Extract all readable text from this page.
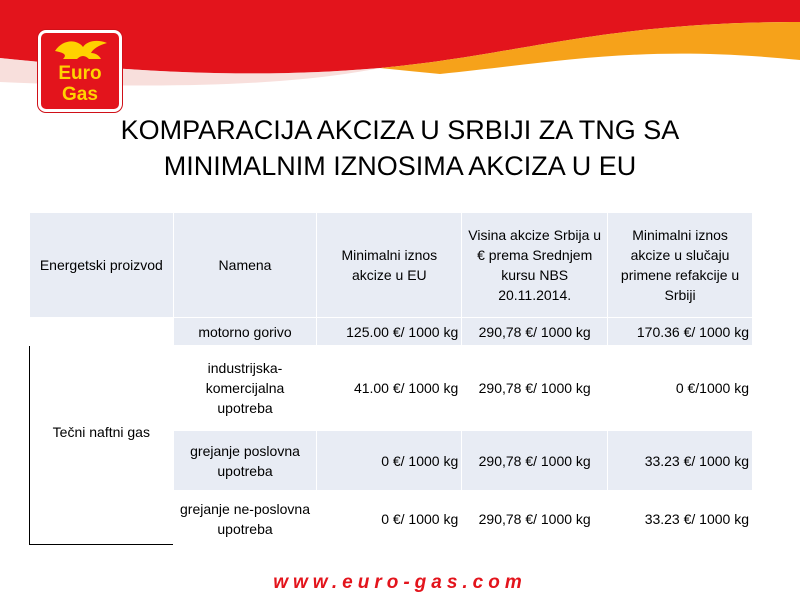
Euro
Gas
KOMPARACIJA AKCIZA U SRBIJI ZA TNG SA
MINIMALNIM IZNOSIMA AKCIZA U EU
Energetski proizvod	Namena	Minimalni iznos akcize u EU	Visina akcize Srbija u € prema Srednjem kursu NBS 20.11.2014.	Minimalni iznos akcize u slučaju primene refakcije u Srbiji
Tečni naftni gas	motorno gorivo	125.00 €/ 1000 kg	290,78 €/ 1000 kg	170.36 €/ 1000 kg
	industrijska-komercijalna upotreba	41.00 €/ 1000 kg	290,78 €/ 1000 kg	0 €/1000 kg
	grejanje poslovna upotreba	0 €/ 1000 kg	290,78 €/ 1000 kg	33.23 €/ 1000 kg
	grejanje ne-poslovna upotreba	0 €/ 1000 kg	290,78 €/ 1000 kg	33.23 €/ 1000 kg
www.euro-gas.com
